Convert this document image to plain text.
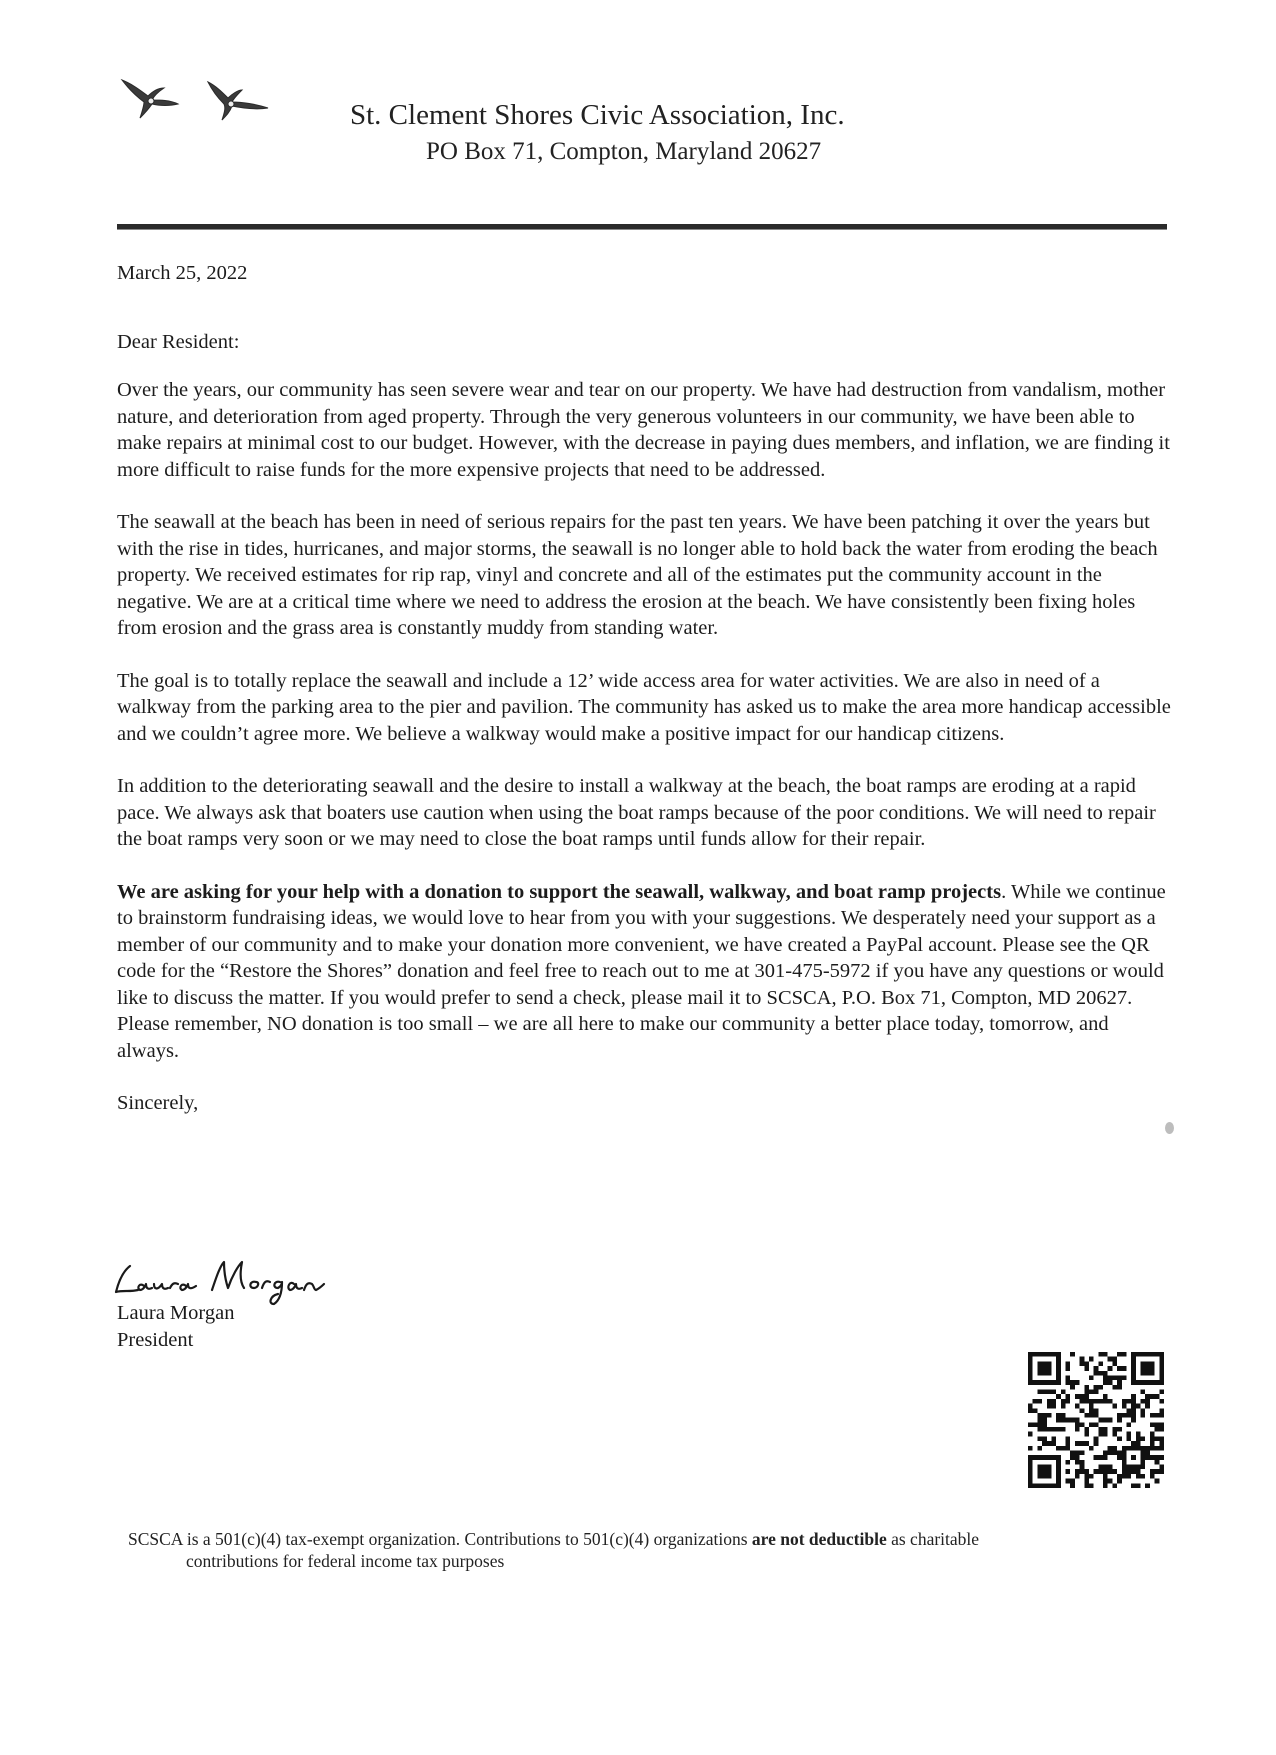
St. Clement Shores Civic Association, Inc.
PO Box 71, Compton, Maryland 20627

March 25, 2022

Dear Resident:

Over the years, our community has seen severe wear and tear on our property. We have had destruction from vandalism, mother nature, and deterioration from aged property. Through the very generous volunteers in our community, we have been able to make repairs at minimal cost to our budget. However, with the decrease in paying dues members, and inflation, we are finding it more difficult to raise funds for the more expensive projects that need to be addressed.

The seawall at the beach has been in need of serious repairs for the past ten years. We have been patching it over the years but with the rise in tides, hurricanes, and major storms, the seawall is no longer able to hold back the water from eroding the beach property. We received estimates for rip rap, vinyl and concrete and all of the estimates put the community account in the negative. We are at a critical time where we need to address the erosion at the beach. We have consistently been fixing holes from erosion and the grass area is constantly muddy from standing water.

The goal is to totally replace the seawall and include a 12’ wide access area for water activities. We are also in need of a walkway from the parking area to the pier and pavilion. The community has asked us to make the area more handicap accessible and we couldn’t agree more. We believe a walkway would make a positive impact for our handicap citizens.

In addition to the deteriorating seawall and the desire to install a walkway at the beach, the boat ramps are eroding at a rapid pace. We always ask that boaters use caution when using the boat ramps because of the poor conditions. We will need to repair the boat ramps very soon or we may need to close the boat ramps until funds allow for their repair.

We are asking for your help with a donation to support the seawall, walkway, and boat ramp projects. While we continue to brainstorm fundraising ideas, we would love to hear from you with your suggestions. We desperately need your support as a member of our community and to make your donation more convenient, we have created a PayPal account. Please see the QR code for the “Restore the Shores” donation and feel free to reach out to me at 301-475-5972 if you have any questions or would like to discuss the matter. If you would prefer to send a check, please mail it to SCSCA, P.O. Box 71, Compton, MD 20627. Please remember, NO donation is too small – we are all here to make our community a better place today, tomorrow, and always.

Sincerely,

Laura Morgan
President
SCSCA is a 501(c)(4) tax-exempt organization. Contributions to 501(c)(4) organizations are not deductible as charitable
contributions for federal income tax purposes
